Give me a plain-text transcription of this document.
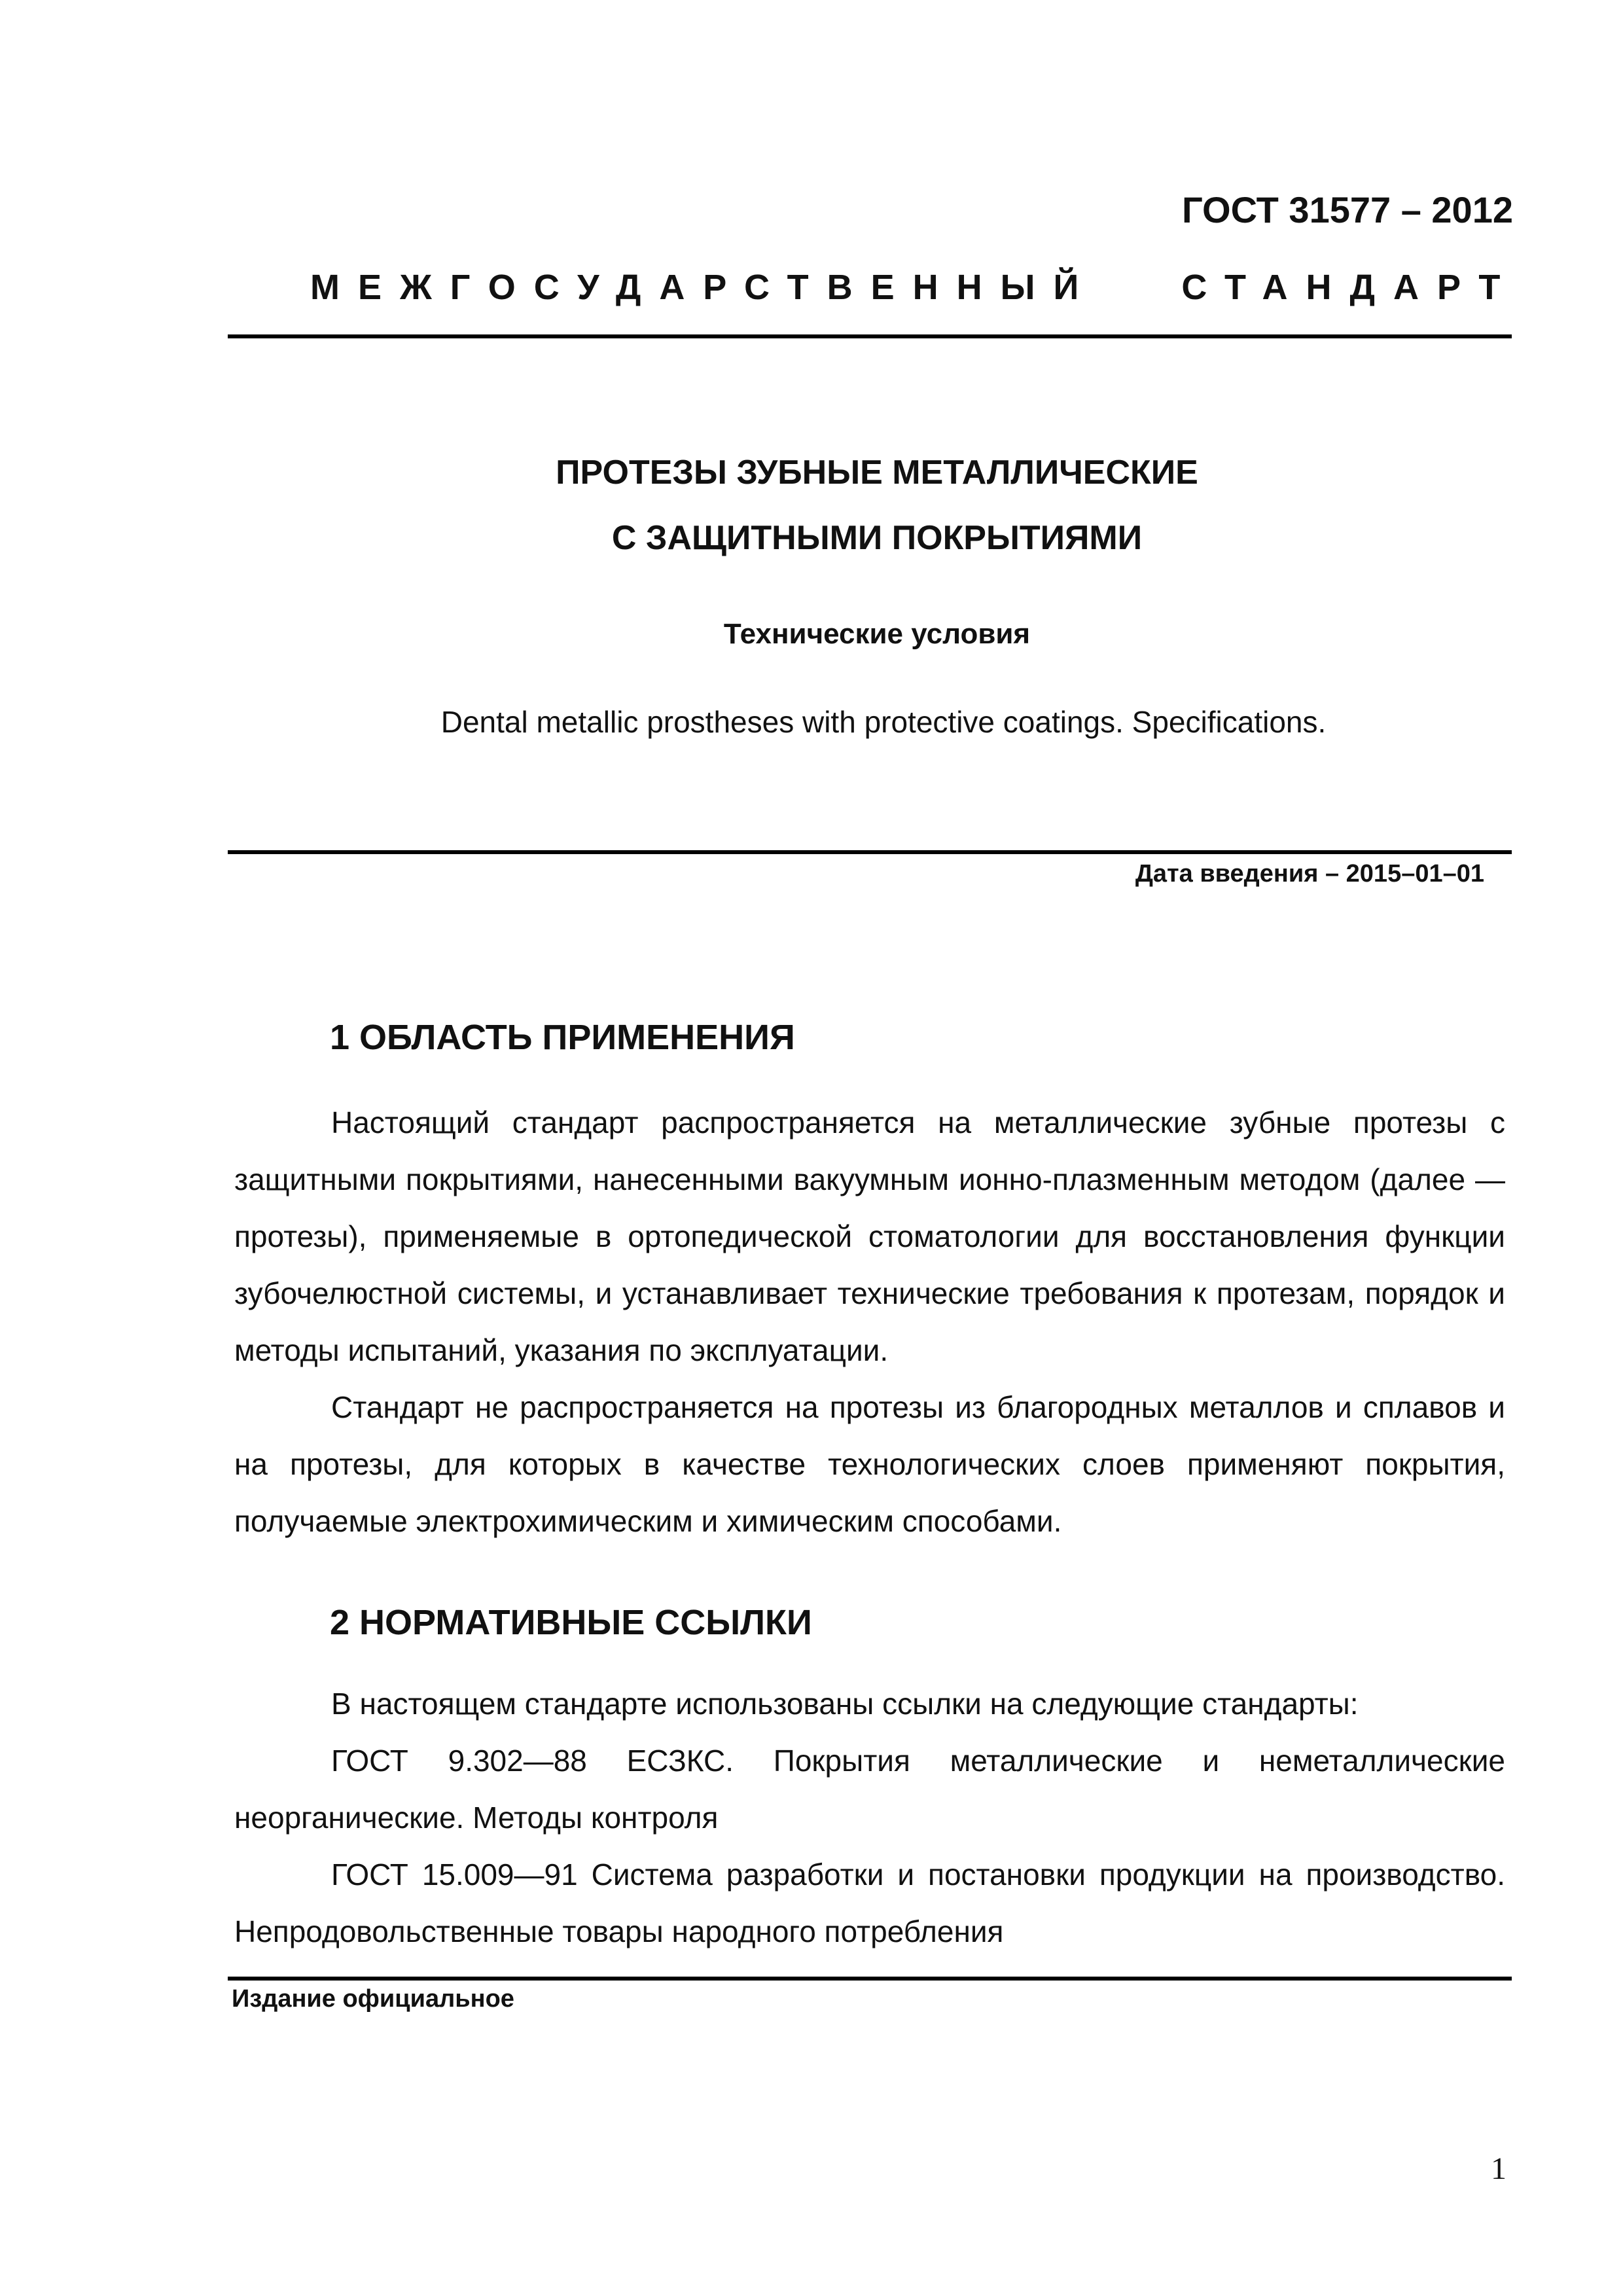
ГОСТ 31577 – 2012
МЕЖГОСУДАРСТВЕННЫЙ   СТАНДАРТ
ПРОТЕЗЫ ЗУБНЫЕ МЕТАЛЛИЧЕСКИЕ
С ЗАЩИТНЫМИ ПОКРЫТИЯМИ
Технические условия
Dental metallic prostheses with protective coatings. Specifications.
Дата введения – 2015–01–01
1 ОБЛАСТЬ ПРИМЕНЕНИЯ

Настоящий стандарт распространяется на металлические зубные протезы с защитными покрытиями, нанесенными вакуумным ионно-плазменным методом (далее — протезы), применяемые в ортопедической стоматологии для восстановления функции зубочелюстной системы, и устанавливает технические требования к протезам, порядок и методы испытаний, указания по эксплуатации.

Стандарт не распространяется на протезы из благородных металлов и сплавов и на протезы, для которых в качестве технологических слоев применяют покрытия, получаемые электрохимическим и химическим способами.

2 НОРМАТИВНЫЕ ССЫЛКИ

В настоящем стандарте использованы ссылки на следующие стандарты:

ГОСТ 9.302—88 ЕСЗКС. Покрытия металлические и неметаллические неорганические. Методы контроля

ГОСТ 15.009—91 Система разработки и постановки продукции на производство. Непродовольственные товары народного потребления

Издание официальное
1
